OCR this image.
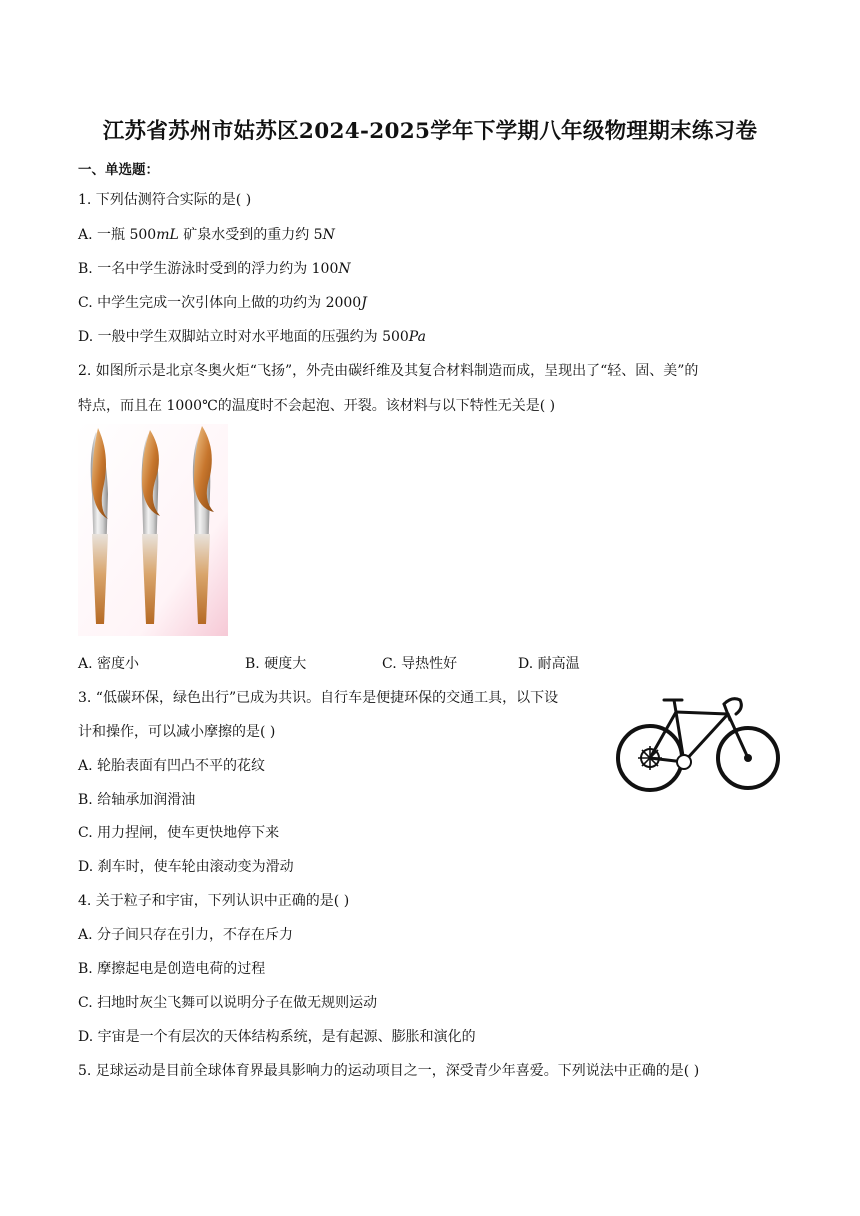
江苏省苏州市姑苏区2024-2025学年下学期八年级物理期末练习卷
一、单选题：
1. 下列估测符合实际的是( )
A. 一瓶 500mL 矿泉水受到的重力约 5N
B. 一名中学生游泳时受到的浮力约为 100N
C. 中学生完成一次引体向上做的功约为 2000J
D. 一般中学生双脚站立时对水平地面的压强约为 500Pa
2. 如图所示是北京冬奥火炬“飞扬”，外壳由碳纤维及其复合材料制造而成，呈现出了“轻、固、美”的
特点，而且在 1000℃的温度时不会起泡、开裂。该材料与以下特性无关是( )
A. 密度小	B. 硬度大	C. 导热性好	D. 耐高温
3. “低碳环保，绿色出行”已成为共识。自行车是便捷环保的交通工具，以下设
计和操作，可以减小摩擦的是( )
A. 轮胎表面有凹凸不平的花纹
B. 给轴承加润滑油
C. 用力捏闸，使车更快地停下来
D. 刹车时，使车轮由滚动变为滑动
4. 关于粒子和宇宙，下列认识中正确的是( )
A. 分子间只存在引力，不存在斥力
B. 摩擦起电是创造电荷的过程
C. 扫地时灰尘飞舞可以说明分子在做无规则运动
D. 宇宙是一个有层次的天体结构系统，是有起源、膨胀和演化的
5. 足球运动是目前全球体育界最具影响力的运动项目之一，深受青少年喜爱。下列说法中正确的是( )
